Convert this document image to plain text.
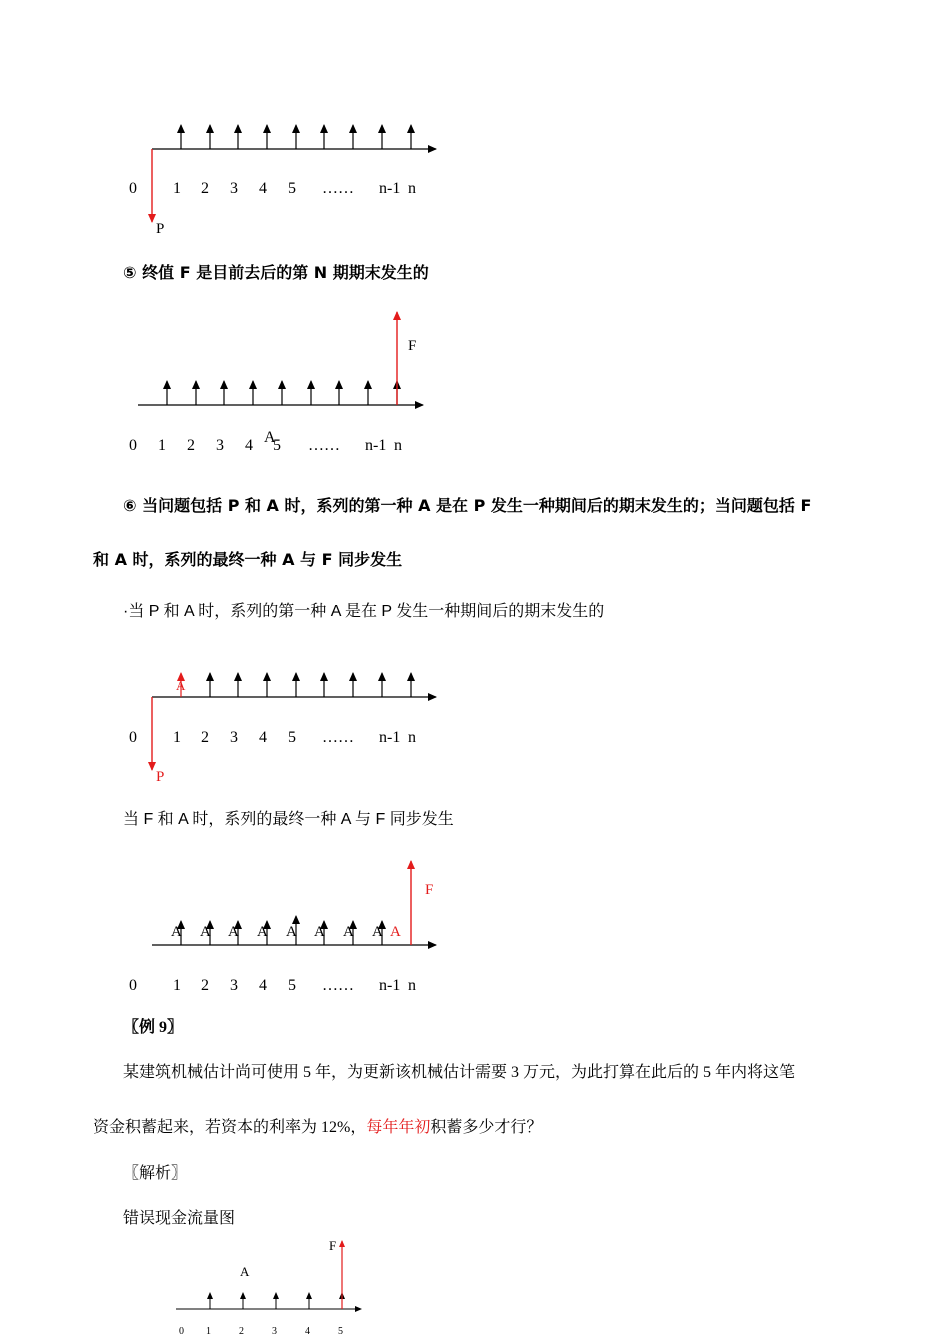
0 1 2 3 4 5 …… n-1 n
P
⑤ 终值 F 是目前去后的第 N 期期末发生的
F
A
0 1 2 3 4 5 …… n-1 n
⑥ 当问题包括 P 和 A 时，系列的第一种 A 是在 P 发生一种期间后的期末发生的；当问题包括 F
和 A 时，系列的最终一种 A 与 F 同步发生
·当 P 和 A 时，系列的第一种 A 是在 P 发生一种期间后的期末发生的
A
0 1 2 3 4 5 …… n-1 n
P
当 F 和 A 时，系列的最终一种 A 与 F 同步发生
F
A A A A A A A A A
0 1 2 3 4 5 …… n-1 n
〖例 9〗
某建筑机械估计尚可使用 5 年，为更新该机械估计需要 3 万元，为此打算在此后的 5 年内将这笔
资金积蓄起来，若资本的利率为 12%，每年年初积蓄多少才行？
〖解析〗
错误现金流量图
F
A
0 1	2	3	4	5
